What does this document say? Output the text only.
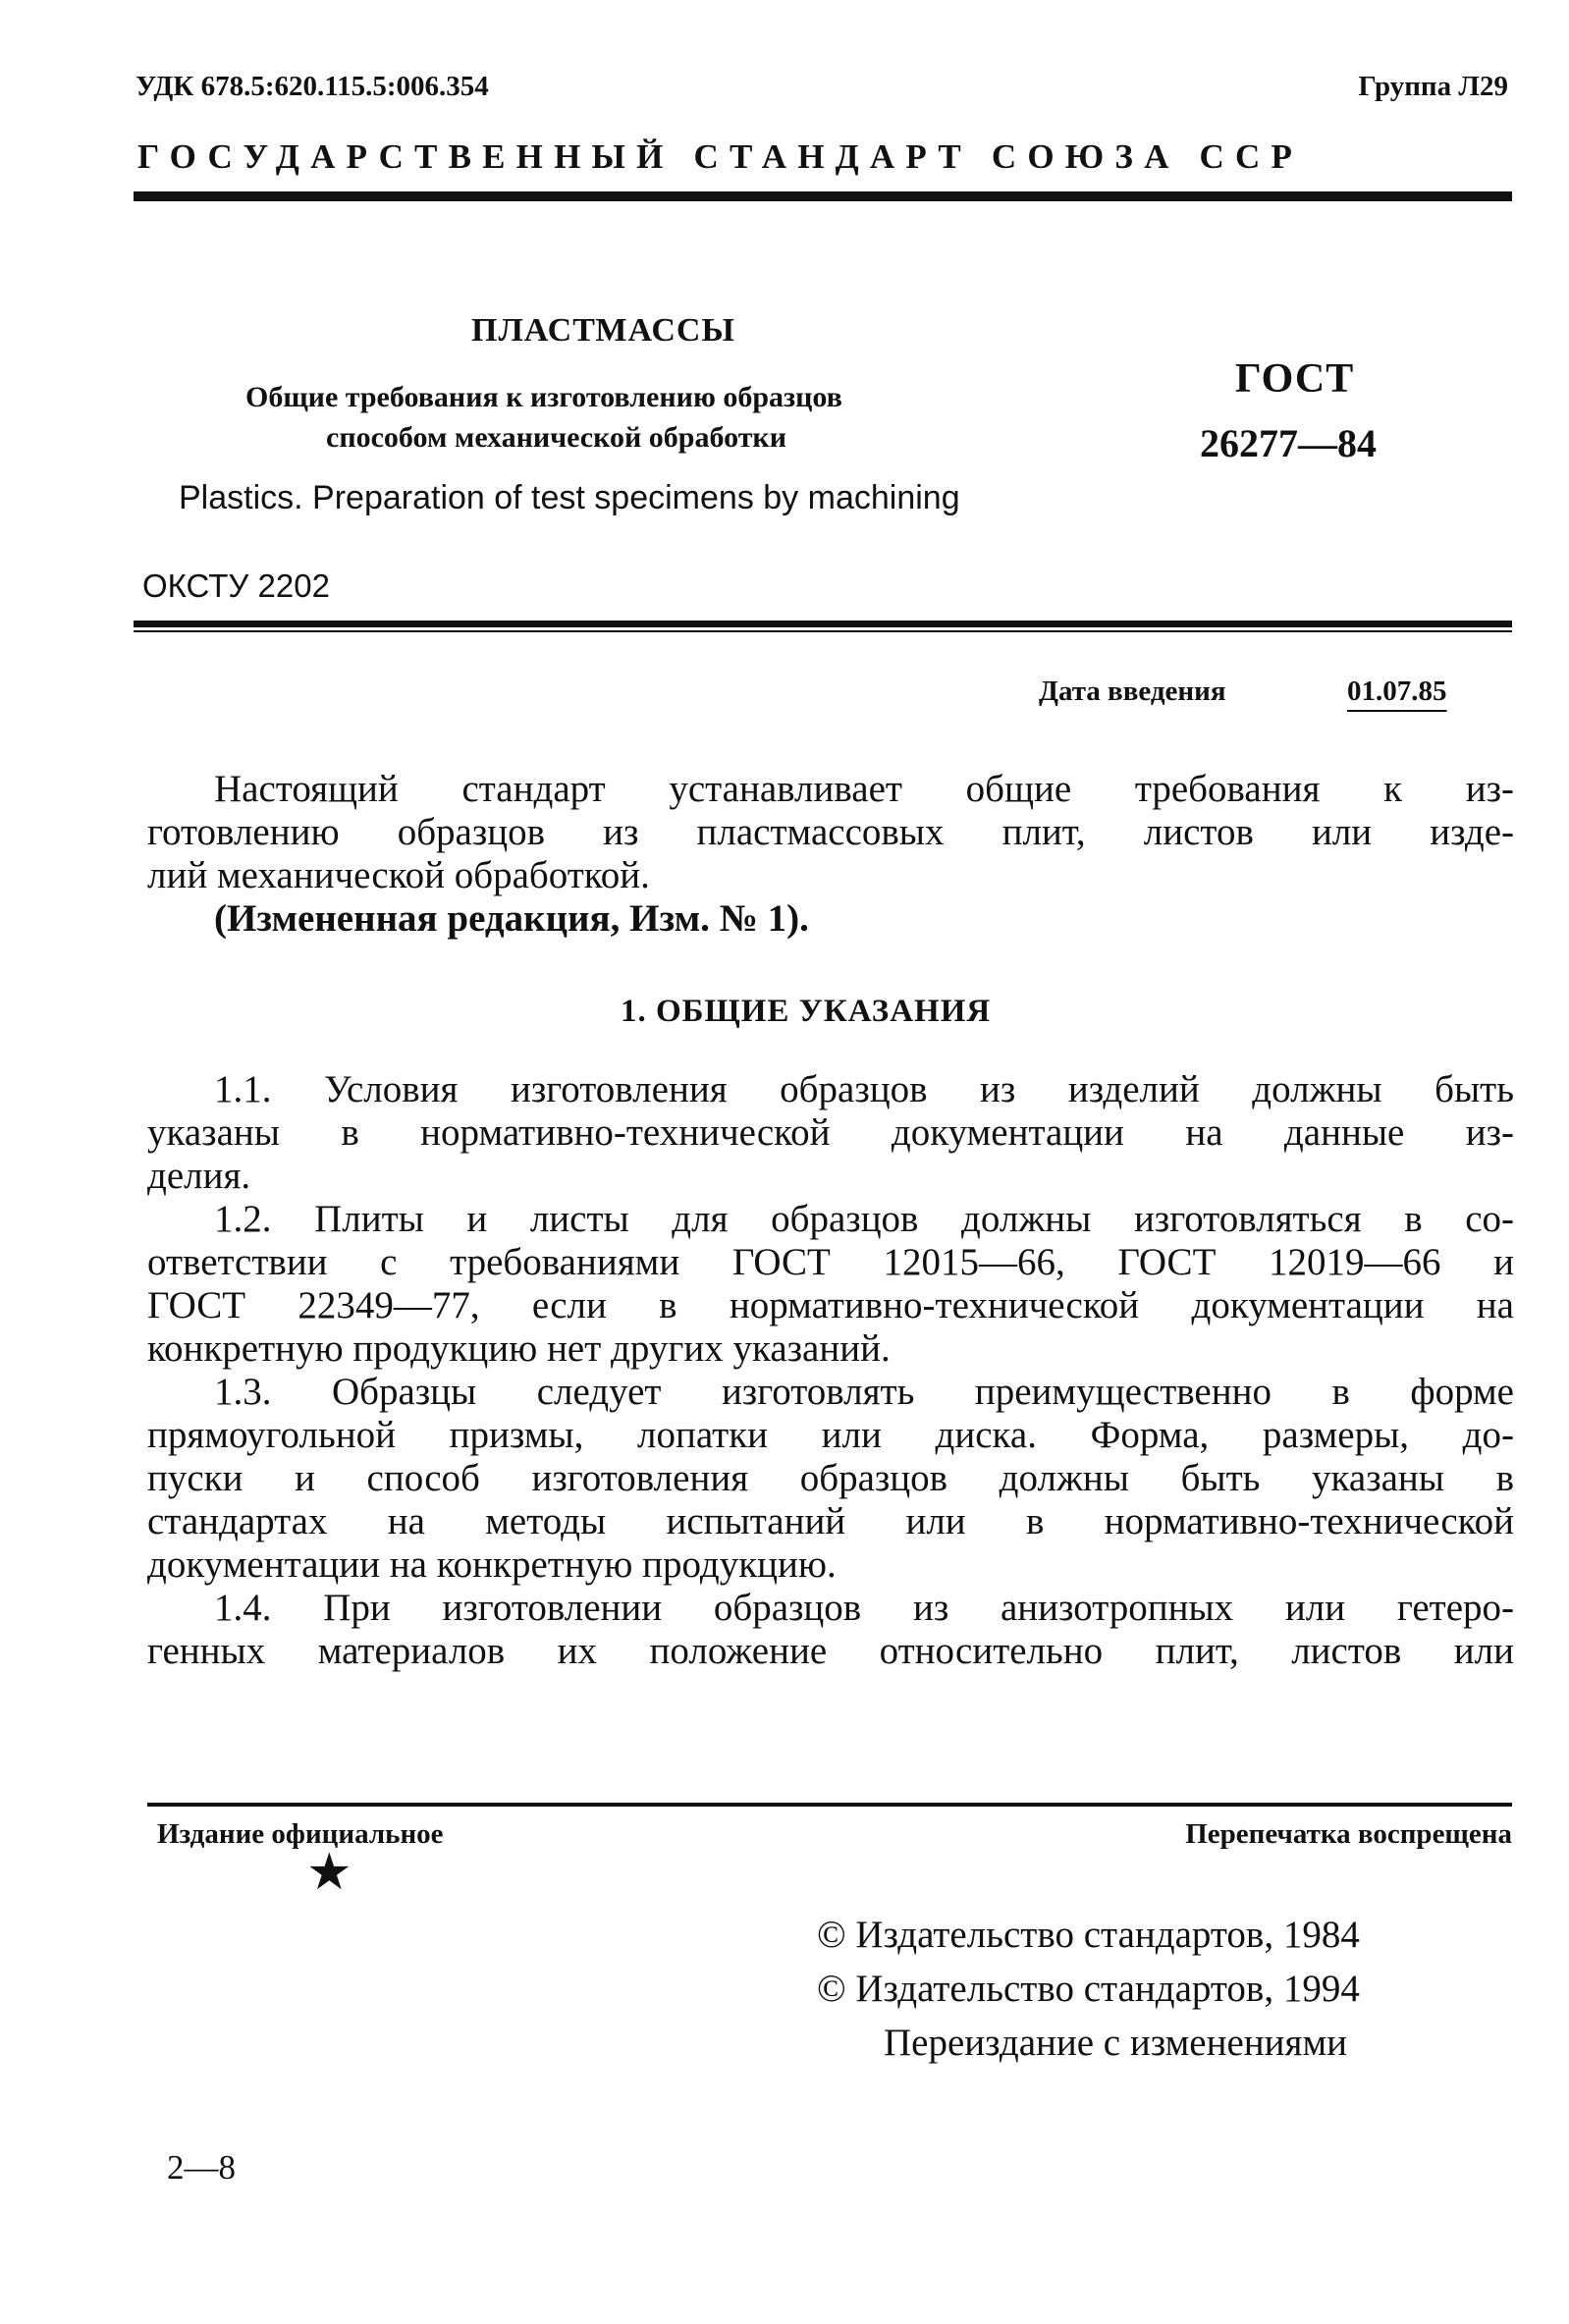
УДК 678.5:620.115.5:006.354	Группа Л29
ГОСУДАРСТВЕННЫЙ СТАНДАРТ СОЮЗА ССР
ПЛАСТМАССЫ
Общие требования к изготовлению образцов
способом механической обработки
Plastics. Preparation of test specimens by machining
ГОСТ
26277—84
ОКСТУ 2202
Дата введения	01.07.85
Настоящий стандарт устанавливает общие требования к из-
готовлению образцов из пластмассовых плит, листов или изде-
лий механической обработкой.
(Измененная редакция, Изм. № 1).
1. ОБЩИЕ УКАЗАНИЯ
1.1. Условия изготовления образцов из изделий должны быть
указаны в нормативно-технической документации на данные из-
делия.
1.2. Плиты и листы для образцов должны изготовляться в со-
ответствии с требованиями ГОСТ 12015—66, ГОСТ 12019—66 и
ГОСТ 22349—77, если в нормативно-технической документации на
конкретную продукцию нет других указаний.
1.3. Образцы следует изготовлять преимущественно в форме
прямоугольной призмы, лопатки или диска. Форма, размеры, до-
пуски и способ изготовления образцов должны быть указаны в
стандартах на методы испытаний или в нормативно-технической
документации на конкретную продукцию.
1.4. При изготовлении образцов из анизотропных или гетеро-
генных материалов их положение относительно плит, листов или
Издание официальное	Перепечатка воспрещена
★
© Издательство стандартов, 1984
© Издательство стандартов, 1994
Переиздание с изменениями
2—8
